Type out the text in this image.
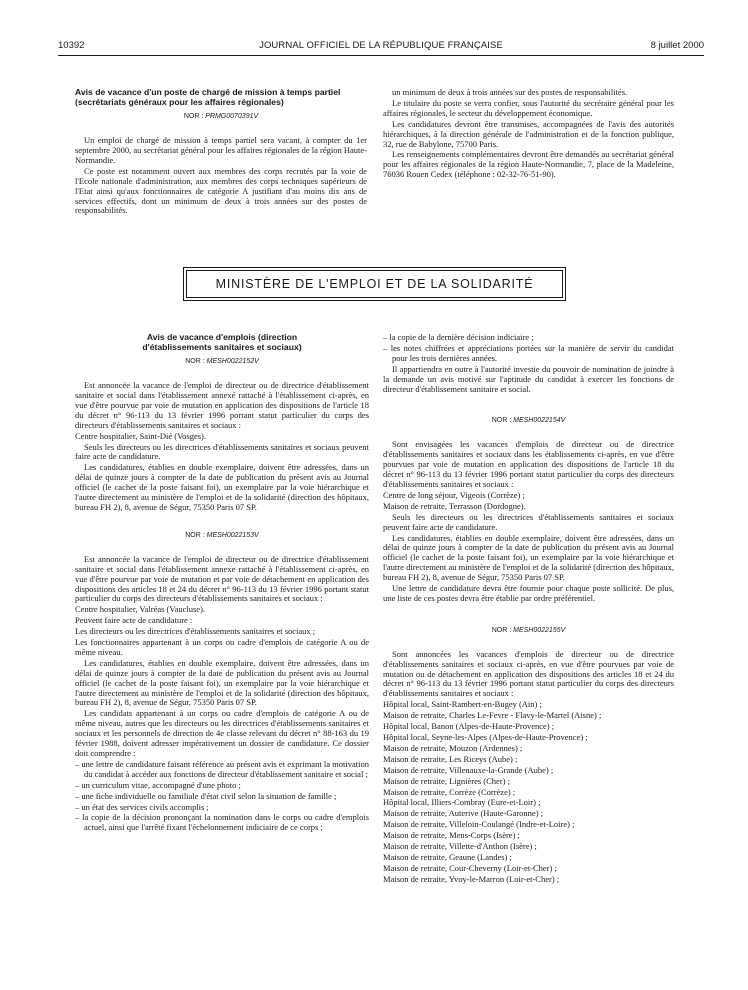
10392	JOURNAL OFFICIEL DE LA RÉPUBLIQUE FRANÇAISE	8 juillet 2000
Avis de vacance d'un poste de chargé de mission à temps partiel (secrétariats généraux pour les affaires régionales)

NOR : PRMG0070391V

Un emploi de chargé de mission à temps partiel sera vacant, à compter du 1er septembre 2000, au secrétariat général pour les affaires régionales de la région Haute-Normandie.

Ce poste est notamment ouvert aux membres des corps recrutés par la voie de l'Ecole nationale d'administration, aux membres des corps techniques supérieurs de l'Etat ainsi qu'aux fonctionnaires de catégorie A justifiant d'au moins dix ans de services effectifs, dont un minimum de deux à trois années sur des postes de responsabilités.

un minimum de deux à trois années sur des postes de responsabilités.

Le titulaire du poste se verra confier, sous l'autorité du secrétaire général pour les affaires régionales, le secteur du développement économique.

Les candidatures devront être transmises, accompagnées de l'avis des autorités hiérarchiques, à la direction générale de l'administration et de la fonction publique, 32, rue de Babylone, 75700 Paris.

Les renseignements complémentaires devront être demandés au secrétariat général pour les affaires régionales de la région Haute-Normandie, 7, place de la Madeleine, 76036 Rouen Cedex (téléphone : 02-32-76-51-90).

MINISTÈRE DE L'EMPLOI ET DE LA SOLIDARITÉ
Avis de vacance d'emplois (direction d'établissements sanitaires et sociaux)

NOR : MESH0022152V

Est annoncée la vacance de l'emploi de directeur ou de directrice d'établissement sanitaire et social dans l'établissement annexé rattaché à l'établissement ci-après, en vue d'être pourvue par voie de mutation en application des dispositions de l'article 18 du décret n° 96-113 du 13 février 1996 portant statut particulier du corps des directeurs d'établissements sanitaires et sociaux :

Centre hospitalier, Saint-Dié (Vosges).

Seuls les directeurs ou les directrices d'établissements sanitaires et sociaux peuvent faire acte de candidature.

Les candidatures, établies en double exemplaire, doivent être adressées, dans un délai de quinze jours à compter de la date de publication du présent avis au Journal officiel (le cachet de la poste faisant foi), un exemplaire par la voie hiérarchique et l'autre directement au ministère de l'emploi et de la solidarité (direction des hôpitaux, bureau FH 2), 8, avenue de Ségur, 75350 Paris 07 SP.

NOR : MESH0022153V

Est annoncée la vacance de l'emploi de directeur ou de directrice d'établissement sanitaire et social dans l'établissement annexe rattaché à l'établissement ci-après, en vue d'être pourvue par voie de mutation et par voie de détachement en application des dispositions des articles 18 et 24 du décret n° 96-113 du 13 février 1996 portant statut particulier du corps des directeurs d'établissements sanitaires et sociaux :

Centre hospitalier, Valréas (Vaucluse).

Peuvent faire acte de candidature :

Les directeurs ou les directrices d'établissements sanitaires et sociaux ;

Les fonctionnaires appartenant à un corps ou cadre d'emplois de catégorie A ou de même niveau.

Les candidatures, établies en double exemplaire, doivent être adressées, dans un délai de quinze jours à compter de la date de publication du présent avis au Journal officiel (le cachet de la poste faisant foi), un exemplaire par la voie hiérarchique et l'autre directement au ministère de l'emploi et de la solidarité (direction des hôpitaux, bureau FH 2), 8, avenue de Ségur, 75350 Paris 07 SP.

Les candidats appartenant à un corps ou cadre d'emplois de catégorie A ou de même niveau, autres que les directeurs ou les directrices d'établissements sanitaires et sociaux et les personnels de direction de 4e classe relevant du décret n° 88-163 du 19 février 1988, doivent adresser impérativement un dossier de candidature. Ce dossier doit comprendre :

– une lettre de candidature faisant référence au présent avis et exprimant la motivation du candidat à accéder aux fonctions de directeur d'établissement sanitaire et social ;

– un curriculum vitae, accompagné d'une photo ;

– une fiche individuelle ou familiale d'état civil selon la situation de famille ;

– un état des services civils accomplis ;

– la copie de la décision prononçant la nomination dans le corps ou cadre d'emplois actuel, ainsi que l'arrêté fixant l'échelonnement indiciaire de ce corps ;

– la copie de la dernière décision indiciaire ;

– les notes chiffrées et appréciations portées sur la manière de servir du candidat pour les trois dernières années.

Il appartiendra en outre à l'autorité investie du pouvoir de nomination de joindre à la demande un avis motivé sur l'aptitude du candidat à exercer les fonctions de directeur d'établissement sanitaire et social.

NOR : MESH0022154V

Sont envisagées les vacances d'emplois de directeur ou de directrice d'établissements sanitaires et sociaux dans les établissements ci-après, en vue d'être pourvues par voie de mutation en application des dispositions de l'article 18 du décret n° 96-113 du 13 février 1996 portant statut particulier du corps des directeurs d'établissements sanitaires et sociaux :

Centre de long séjour, Vigeois (Corrèze) ;

Maison de retraite, Terrasson (Dordogne).

Seuls les directeurs ou les directrices d'établissements sanitaires et sociaux peuvent faire acte de candidature.

Les candidatures, établies en double exemplaire, doivent être adressées, dans un délai de quinze jours à compter de la date de publication du présent avis au Journal officiel (le cachet de la poste faisant foi), un exemplaire par la voie hiérarchique et l'autre directement au ministère de l'emploi et de la solidarité (direction des hôpitaux, bureau FH 2), 8, avenue de Ségur, 75350 Paris 07 SP.

Une lettre de candidature devra être fournie pour chaque poste sollicité. De plus, une liste de ces postes devra être établie par ordre préférentiel.

NOR : MESH0022155V

Sont annoncées les vacances d'emplois de directeur ou de directrice d'établissements sanitaires et sociaux ci-après, en vue d'être pourvues par voie de mutation ou de détachement en application des dispositions des articles 18 et 24 du décret n° 96-113 du 13 février 1996 portant statut particulier du corps des directeurs d'établissements sanitaires et sociaux :

Hôpital local, Saint-Rambert-en-Bugey (Ain) ;

Maison de retraite, Charles Le-Fevre - Flavy-le-Martel (Aisne) ;

Hôpital local, Banon (Alpes-de-Haute-Provence) ;

Hôpital local, Seyne-les-Alpes (Alpes-de-Haute-Provence) ;

Maison de retraite, Mouzon (Ardennes) ;

Maison de retraite, Les Riceys (Aube) ;

Maison de retraite, Villenauxe-la-Grande (Aube) ;

Maison de retraite, Lignières (Cher) ;

Maison de retraite, Corrèze (Corrèze) ;

Hôpital local, Illiers-Combray (Eure-et-Loir) ;

Maison de retraite, Auterive (Haute-Garonne) ;

Maison de retraite, Villeloin-Coulangé (Indre-et-Loire) ;

Maison de retraite, Mens-Corps (Isère) ;

Maison de retraite, Villette-d'Anthon (Isère) ;

Maison de retraite, Geaune (Landes) ;

Maison de retraite, Cour-Cheverny (Loir-et-Cher) ;

Maison de retraite, Yvoy-le-Marron (Loir-et-Cher) ;
